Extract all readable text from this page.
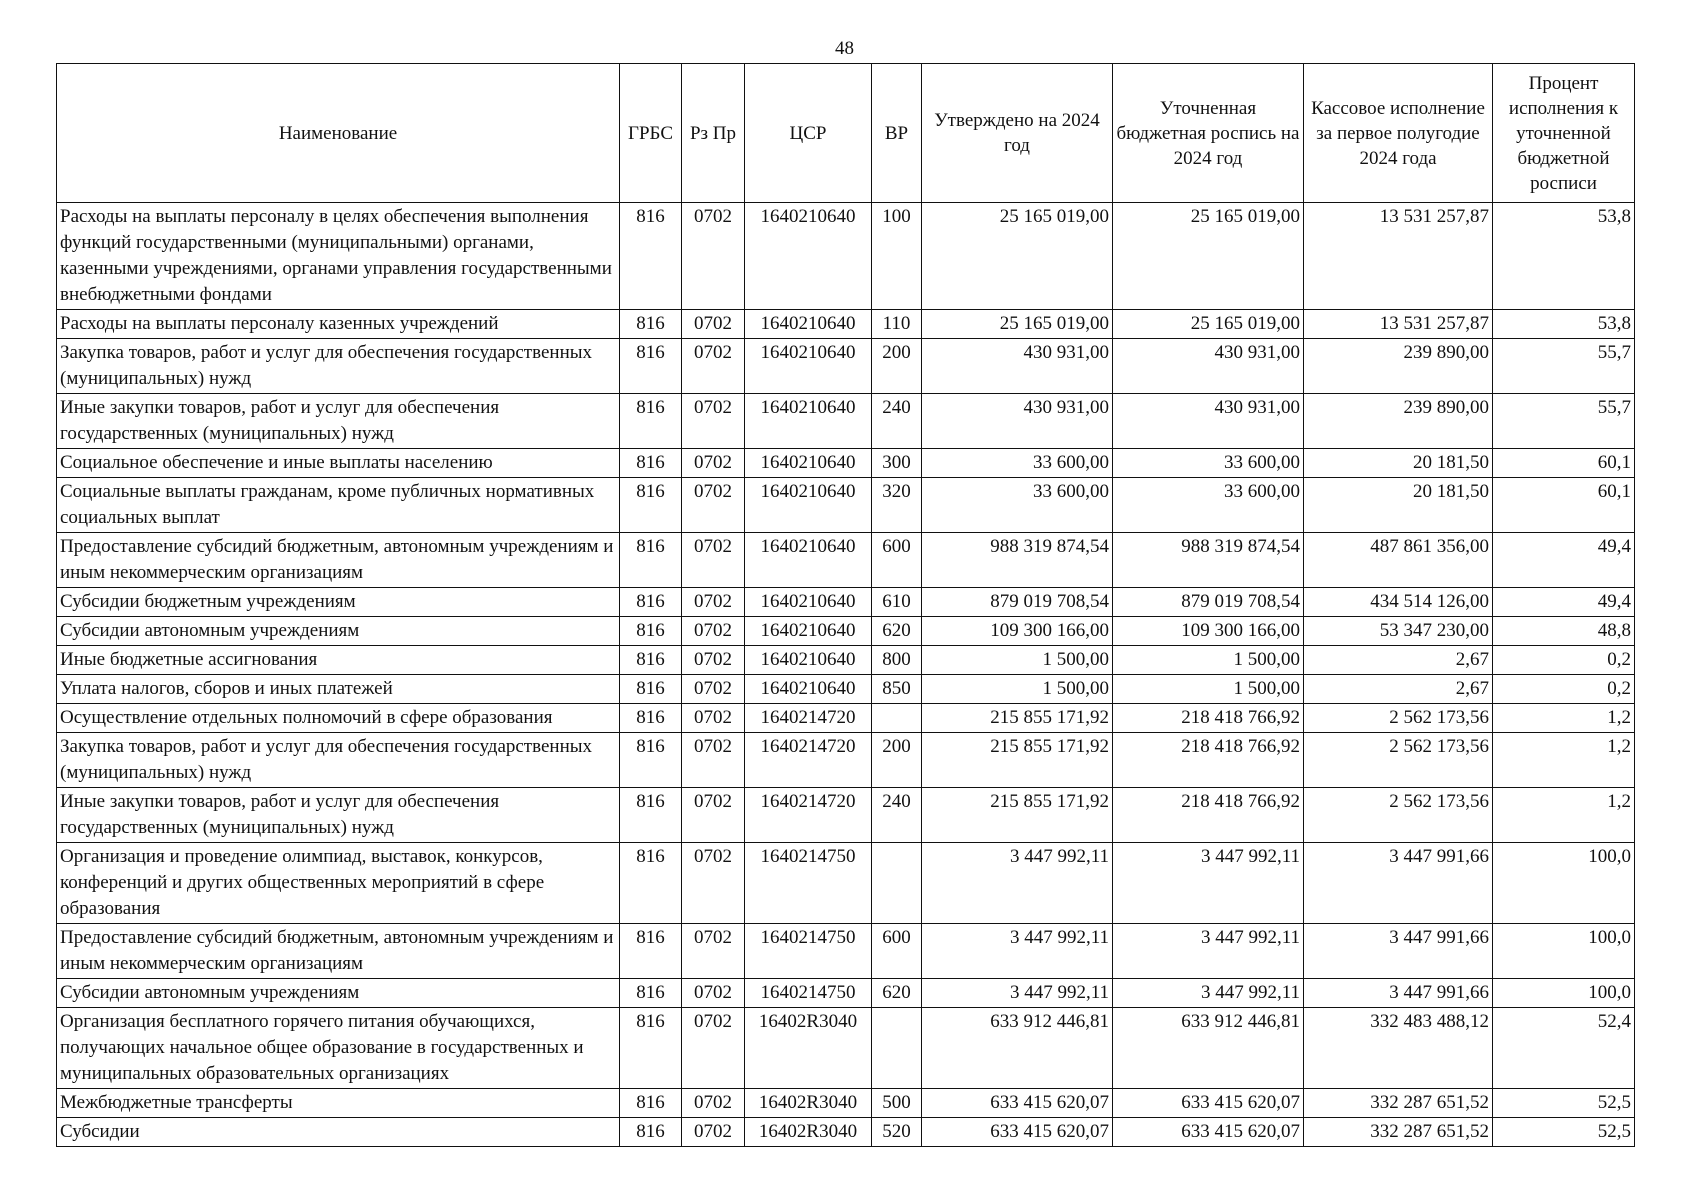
48
Наименование	ГРБС	Рз Пр	ЦСР	ВР	Утверждено на 2024 год	Уточненная бюджетная роспись на 2024 год	Кассовое исполнение за первое полугодие 2024 года	Процент исполнения к уточненной бюджетной росписи
Расходы на выплаты персоналу в целях обеспечения выполнения функций государственными (муниципальными) органами, казенными учреждениями, органами управления государственными внебюджетными фондами	816	0702	1640210640	100	25 165 019,00	25 165 019,00	13 531 257,87	53,8
Расходы на выплаты персоналу казенных учреждений	816	0702	1640210640	110	25 165 019,00	25 165 019,00	13 531 257,87	53,8
Закупка товаров, работ и услуг для обеспечения государственных (муниципальных) нужд	816	0702	1640210640	200	430 931,00	430 931,00	239 890,00	55,7
Иные закупки товаров, работ и услуг для обеспечения государственных (муниципальных) нужд	816	0702	1640210640	240	430 931,00	430 931,00	239 890,00	55,7
Социальное обеспечение и иные выплаты населению	816	0702	1640210640	300	33 600,00	33 600,00	20 181,50	60,1
Социальные выплаты гражданам, кроме публичных нормативных социальных выплат	816	0702	1640210640	320	33 600,00	33 600,00	20 181,50	60,1
Предоставление субсидий бюджетным, автономным учреждениям и иным некоммерческим организациям	816	0702	1640210640	600	988 319 874,54	988 319 874,54	487 861 356,00	49,4
Субсидии бюджетным учреждениям	816	0702	1640210640	610	879 019 708,54	879 019 708,54	434 514 126,00	49,4
Субсидии автономным учреждениям	816	0702	1640210640	620	109 300 166,00	109 300 166,00	53 347 230,00	48,8
Иные бюджетные ассигнования	816	0702	1640210640	800	1 500,00	1 500,00	2,67	0,2
Уплата налогов, сборов и иных платежей	816	0702	1640210640	850	1 500,00	1 500,00	2,67	0,2
Осуществление отдельных полномочий в сфере образования	816	0702	1640214720		215 855 171,92	218 418 766,92	2 562 173,56	1,2
Закупка товаров, работ и услуг для обеспечения государственных (муниципальных) нужд	816	0702	1640214720	200	215 855 171,92	218 418 766,92	2 562 173,56	1,2
Иные закупки товаров, работ и услуг для обеспечения государственных (муниципальных) нужд	816	0702	1640214720	240	215 855 171,92	218 418 766,92	2 562 173,56	1,2
Организация и проведение олимпиад, выставок, конкурсов, конференций и других общественных мероприятий в сфере образования	816	0702	1640214750		3 447 992,11	3 447 992,11	3 447 991,66	100,0
Предоставление субсидий бюджетным, автономным учреждениям и иным некоммерческим организациям	816	0702	1640214750	600	3 447 992,11	3 447 992,11	3 447 991,66	100,0
Субсидии автономным учреждениям	816	0702	1640214750	620	3 447 992,11	3 447 992,11	3 447 991,66	100,0
Организация бесплатного горячего питания обучающихся, получающих начальное общее образование в государственных и муниципальных образовательных организациях	816	0702	16402R3040		633 912 446,81	633 912 446,81	332 483 488,12	52,4
Межбюджетные трансферты	816	0702	16402R3040	500	633 415 620,07	633 415 620,07	332 287 651,52	52,5
Субсидии	816	0702	16402R3040	520	633 415 620,07	633 415 620,07	332 287 651,52	52,5
